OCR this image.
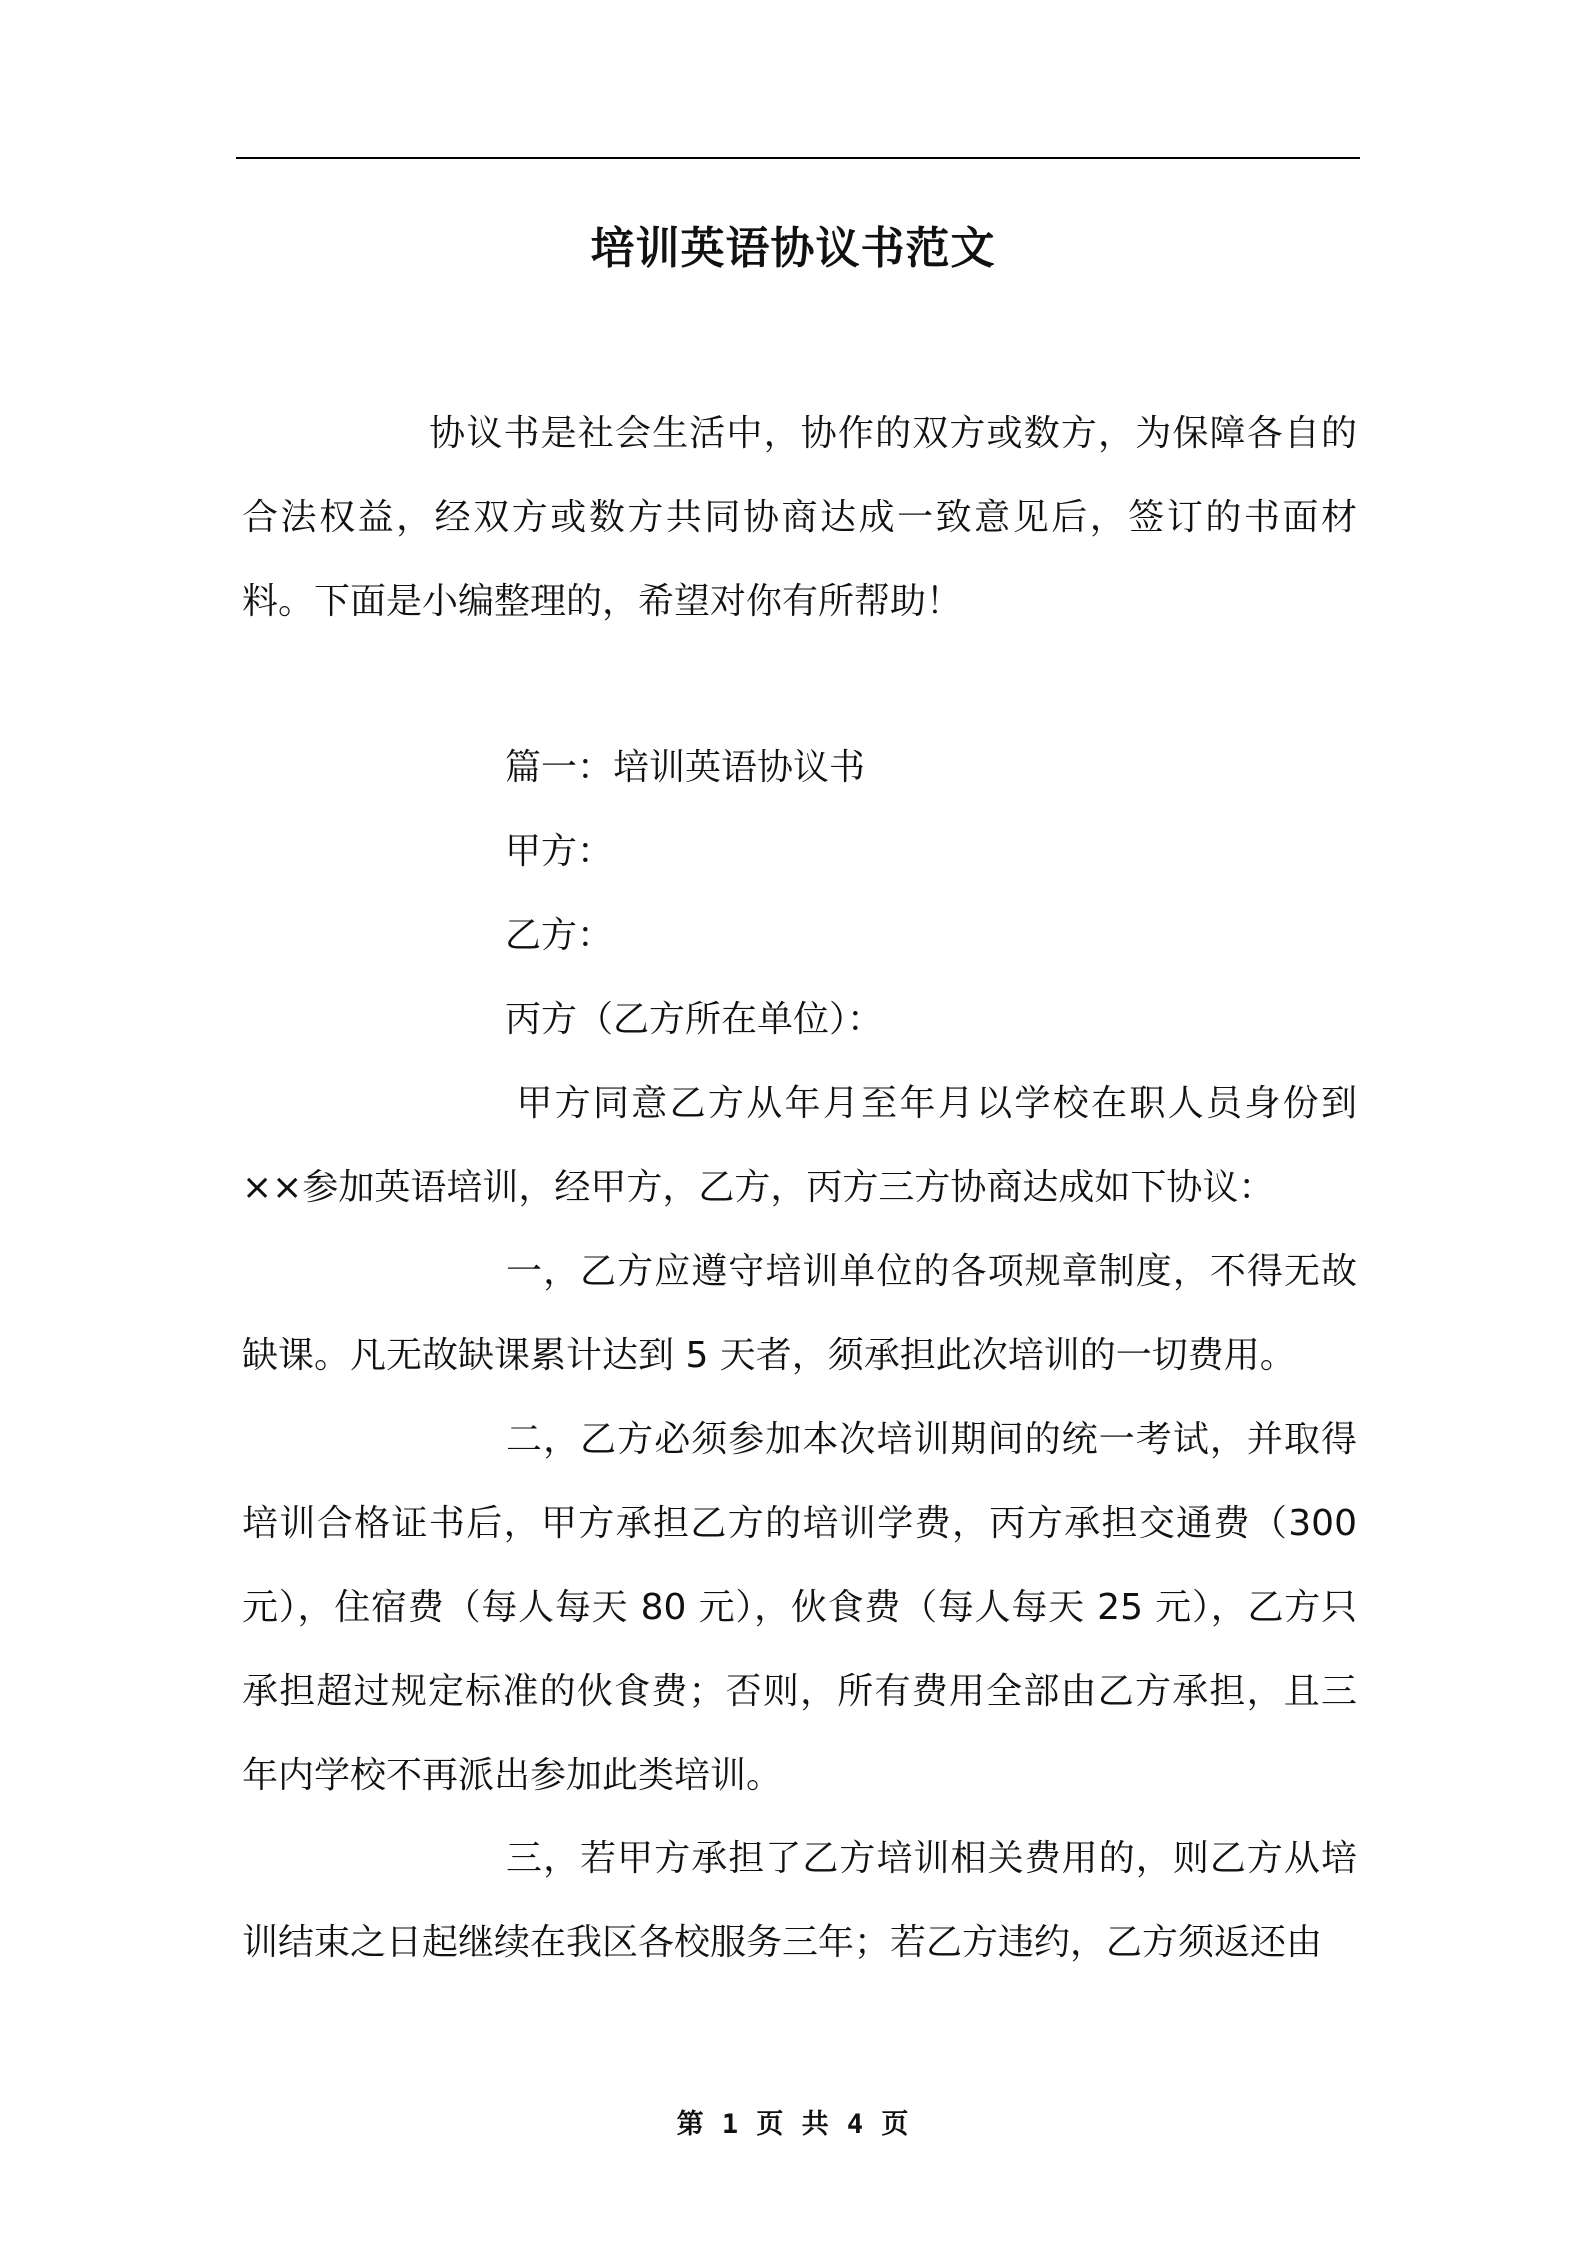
培训英语协议书范文

协议书是社会生活中，协作的双方或数方，为保障各自的合法权益，经双方或数方共同协商达成一致意见后，签订的书面材料。下面是小编整理的，希望对你有所帮助！

篇一：培训英语协议书

甲方：

乙方：

丙方（乙方所在单位）：

甲方同意乙方从年月至年月以学校在职人员身份到××参加英语培训，经甲方，乙方，丙方三方协商达成如下协议：

一，乙方应遵守培训单位的各项规章制度，不得无故缺课。凡无故缺课累计达到 5 天者，须承担此次培训的一切费用。

二，乙方必须参加本次培训期间的统一考试，并取得培训合格证书后，甲方承担乙方的培训学费，丙方承担交通费（300 元），住宿费（每人每天 80 元），伙食费（每人每天 25 元），乙方只承担超过规定标准的伙食费；否则，所有费用全部由乙方承担，且三年内学校不再派出参加此类培训。

三，若甲方承担了乙方培训相关费用的，则乙方从培训结束之日起继续在我区各校服务三年；若乙方违约，乙方须返还由

第 1 页 共 4 页
